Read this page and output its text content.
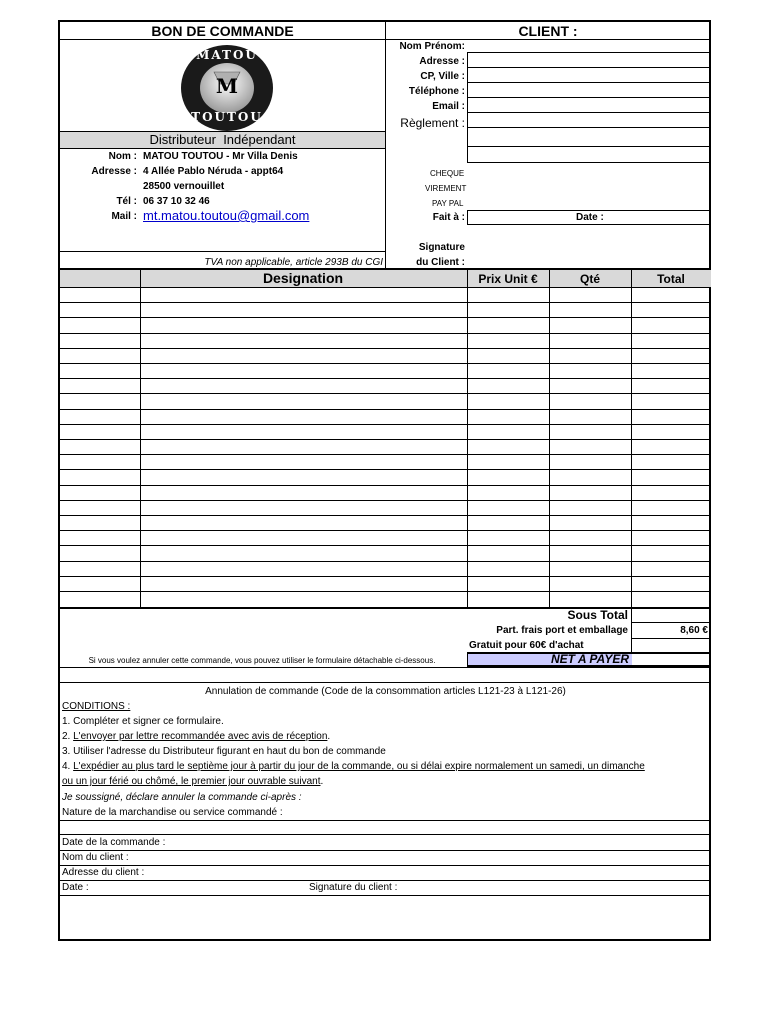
BON DE COMMANDE	CLIENT :
MATOU
M
TOUTOU
Distributeur  Indépendant
Nom : MATOU TOUTOU - Mr Villa Denis
Adresse : 4 Allée Pablo Néruda - appt64
28500 vernouillet
Tél : 06 37 10 32 46
Mail : mt.matou.toutou@gmail.com
TVA non applicable, article 293B du CGI
Nom Prénom:
Adresse :
CP, Ville :
Téléphone :
Email :
Règlement :
CHEQUE
VIREMENT
PAY PAL
Fait à :	Date :
Signature
du Client :
Designation	Prix Unit €	Qté	Total
Sous Total
Part. frais port et emballage	8,60 €
Gratuit pour 60€ d'achat
NET A PAYER
Si vous voulez annuler cette commande, vous pouvez utiliser le formulaire détachable ci-dessous.
Annulation de commande (Code de la consommation articles L121-23 à L121-26)
CONDITIONS :
1. Compléter et signer ce formulaire.
2. L'envoyer par lettre recommandée avec avis de réception.
3. Utiliser l'adresse du Distributeur figurant en haut du bon de commande
4. L'expédier au plus tard le septième jour à partir du jour de la commande, ou si délai expire normalement un samedi, un dimanche
ou un jour férié ou chômé, le premier jour ouvrable suivant.
Je soussigné, déclare annuler la commande ci-après :
Nature de la marchandise ou service commandé :
Date de la commande :
Nom du client :
Adresse du client :
Date :	Signature du client :
